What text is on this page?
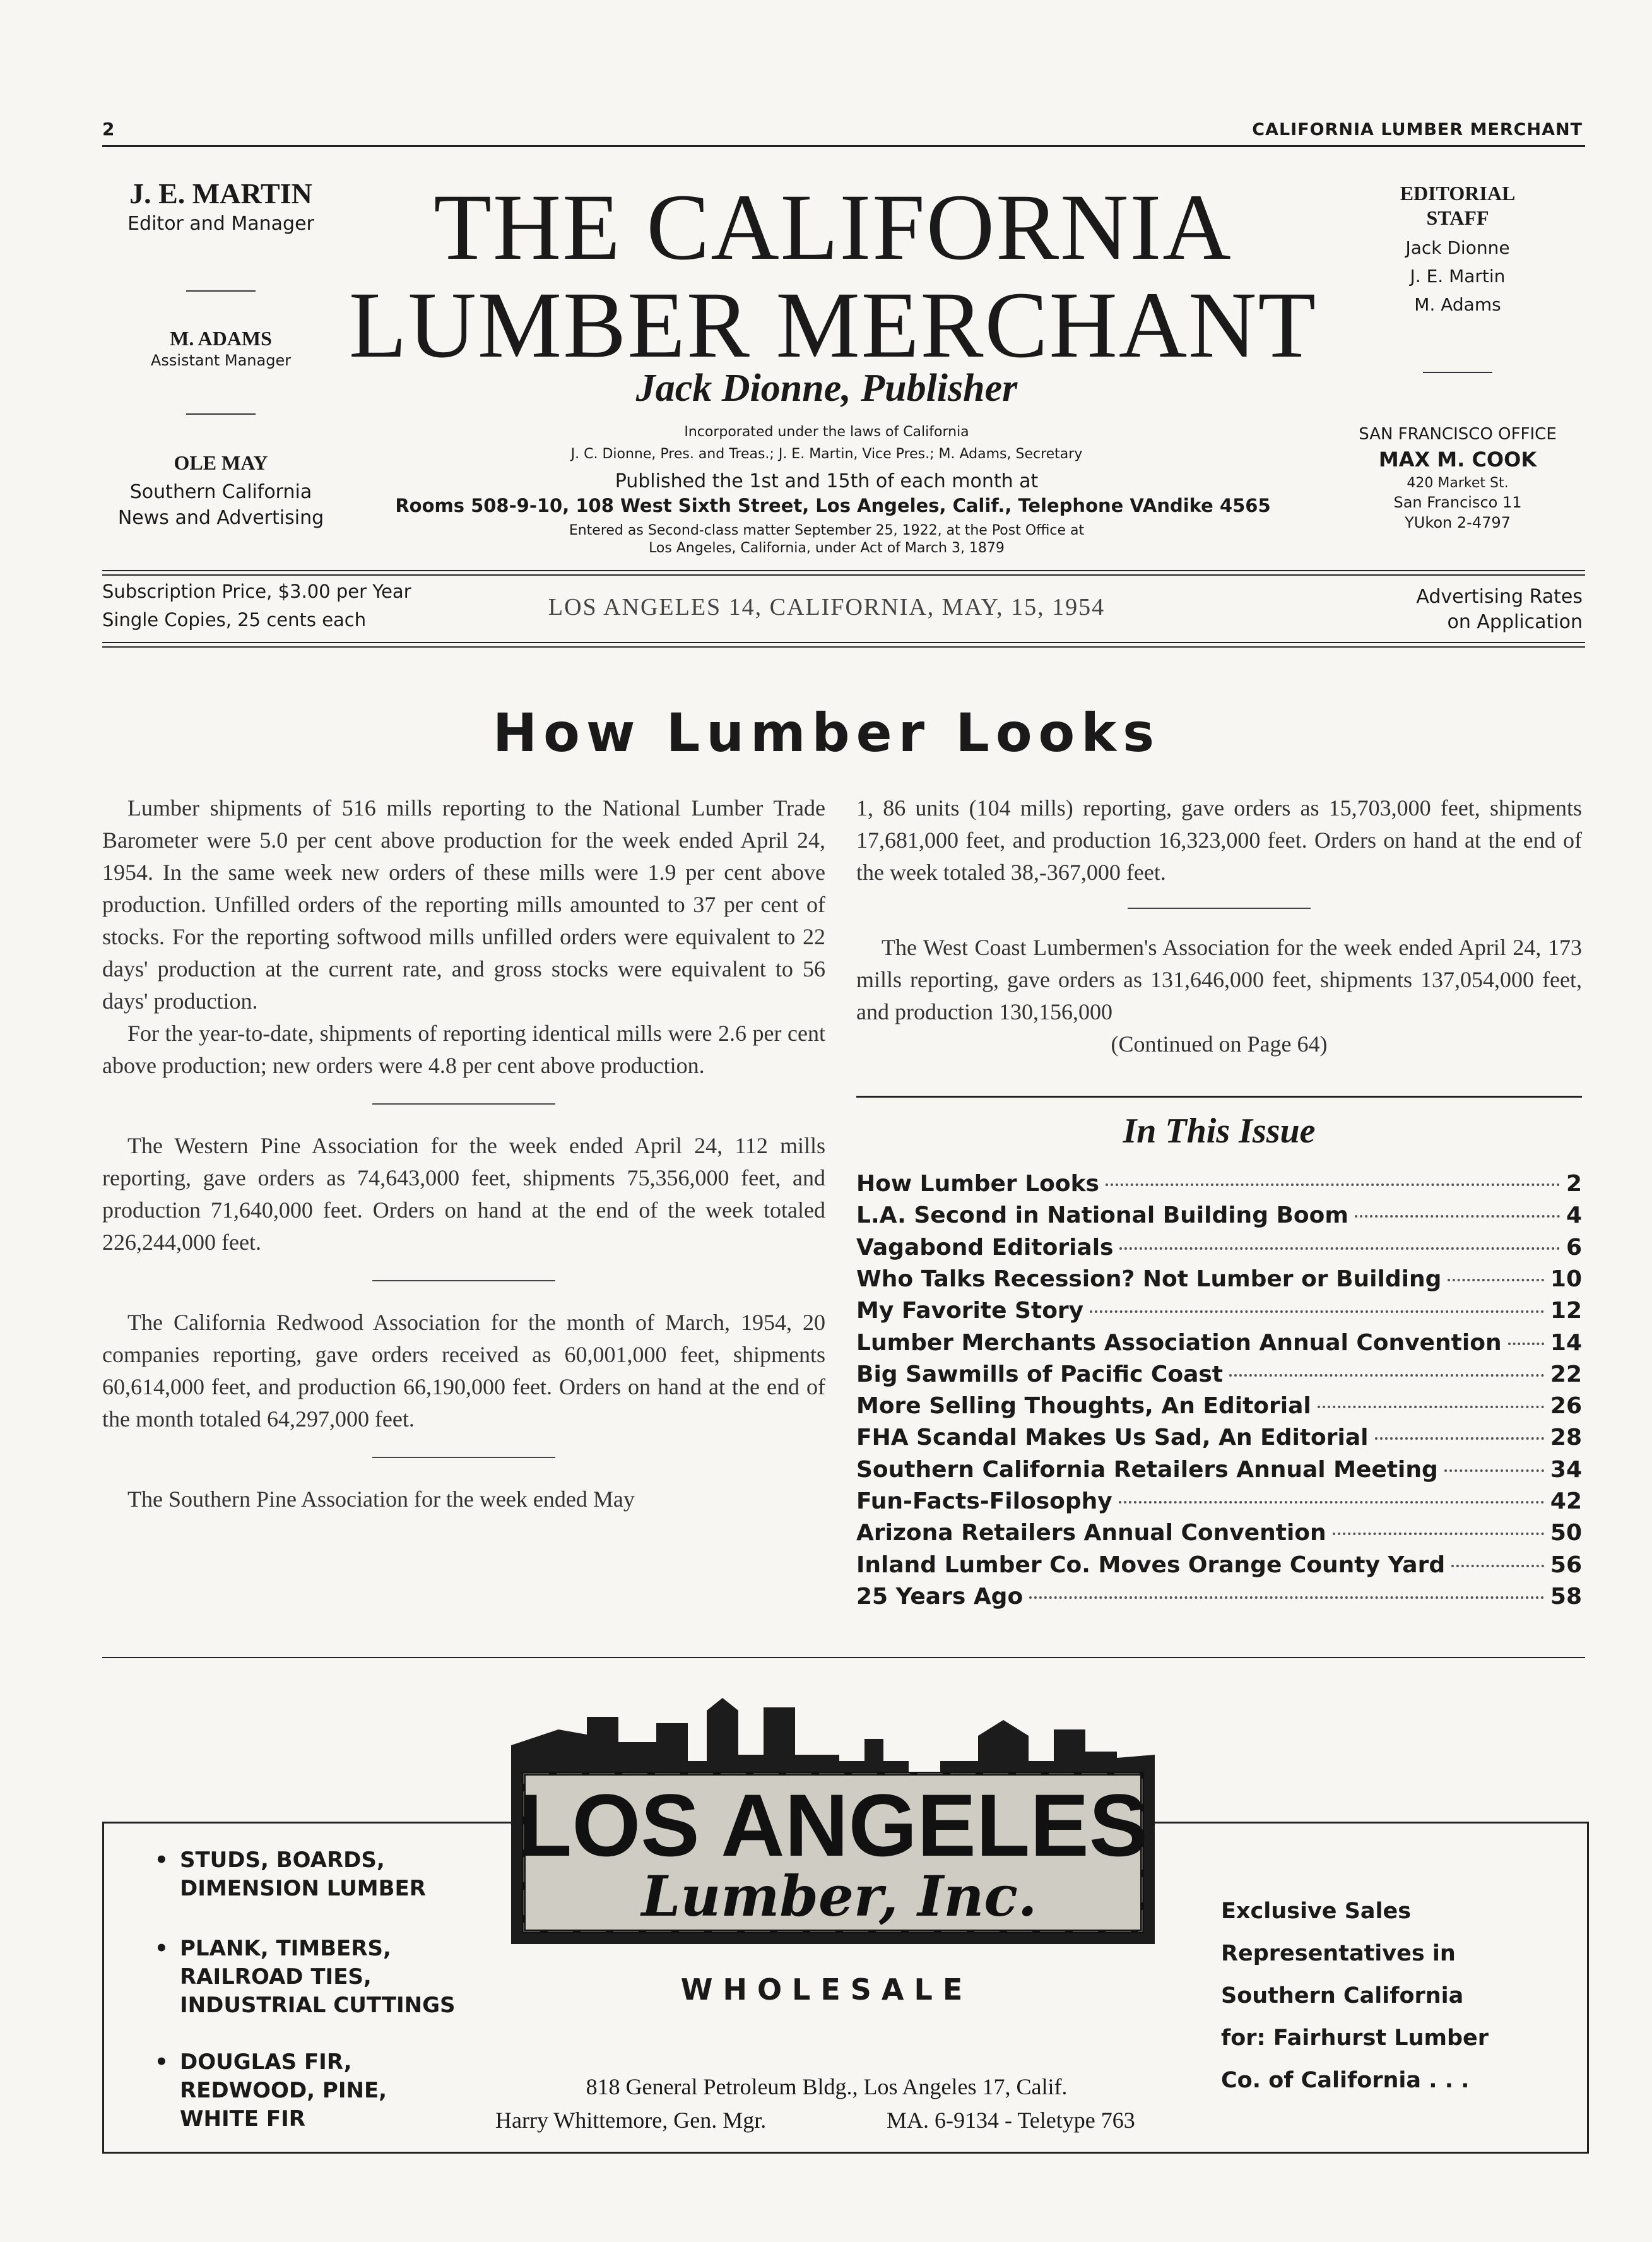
2	CALIFORNIA LUMBER MERCHANT
J. E. MARTIN
Editor and Manager
M. ADAMS
Assistant Manager
OLE MAY
Southern California
News and Advertising
THE CALIFORNIA
LUMBER MERCHANT
Jack Dionne, Publisher
Incorporated under the laws of California
J. C. Dionne, Pres. and Treas.; J. E. Martin, Vice Pres.; M. Adams, Secretary
Published the 1st and 15th of each month at
Rooms 508-9-10, 108 West Sixth Street, Los Angeles, Calif., Telephone VAndike 4565
Entered as Second-class matter September 25, 1922, at the Post Office at
Los Angeles, California, under Act of March 3, 1879
EDITORIAL
STAFF
Jack Dionne
J. E. Martin
M. Adams
SAN FRANCISCO OFFICE
MAX M. COOK
420 Market St.
San Francisco 11
YUkon 2-4797
Subscription Price, $3.00 per Year
Single Copies, 25 cents each	LOS ANGELES 14, CALIFORNIA, MAY, 15, 1954	Advertising Rates
on Application
How Lumber Looks

Lumber shipments of 516 mills reporting to the National Lumber Trade Barometer were 5.0 per cent above production for the week ended April 24, 1954. In the same week new orders of these mills were 1.9 per cent above production. Unfilled orders of the reporting mills amounted to 37 per cent of stocks. For the reporting softwood mills unfilled orders were equivalent to 22 days' production at the current rate, and gross stocks were equivalent to 56 days' production.

For the year-to-date, shipments of reporting identical mills were 2.6 per cent above production; new orders were 4.8 per cent above production.

The Western Pine Association for the week ended April 24, 112 mills reporting, gave orders as 74,643,000 feet, shipments 75,356,000 feet, and production 71,640,000 feet. Orders on hand at the end of the week totaled 226,244,000 feet.

The California Redwood Association for the month of March, 1954, 20 companies reporting, gave orders received as 60,001,000 feet, shipments 60,614,000 feet, and production 66,190,000 feet. Orders on hand at the end of the month totaled 64,297,000 feet.

The Southern Pine Association for the week ended May

1, 86 units (104 mills) reporting, gave orders as 15,703,000 feet, shipments 17,681,000 feet, and production 16,323,000 feet. Orders on hand at the end of the week totaled 38,-367,000 feet.

The West Coast Lumbermen's Association for the week ended April 24, 173 mills reporting, gave orders as 131,646,000 feet, shipments 137,054,000 feet, and production 130,156,000

(Continued on Page 64)
In This Issue
How Lumber Looks	2
L.A. Second in National Building Boom	4
Vagabond Editorials	6
Who Talks Recession? Not Lumber or Building	10
My Favorite Story	12
Lumber Merchants Association Annual Convention 14
Big Sawmills of Pacific Coast	22
More Selling Thoughts, An Editorial	26
FHA Scandal Makes Us Sad, An Editorial	28
Southern California Retailers Annual Meeting	34
Fun-Facts-Filosophy	42
Arizona Retailers Annual Convention	50
Inland Lumber Co. Moves Orange County Yard	56
25 Years Ago	58
LOS ANGELES
Lumber, Inc.
• STUDS, BOARDS,
DIMENSION LUMBER
• PLANK, TIMBERS,
RAILROAD TIES,
INDUSTRIAL CUTTINGS
• DOUGLAS FIR,
REDWOOD, PINE,
WHITE FIR
WHOLESALE
818 General Petroleum Bldg., Los Angeles 17, Calif.
Harry Whittemore, Gen. Mgr.	MA. 6-9134 - Teletype 763
Exclusive Sales
Representatives in
Southern California
for: Fairhurst Lumber
Co. of California . . .
